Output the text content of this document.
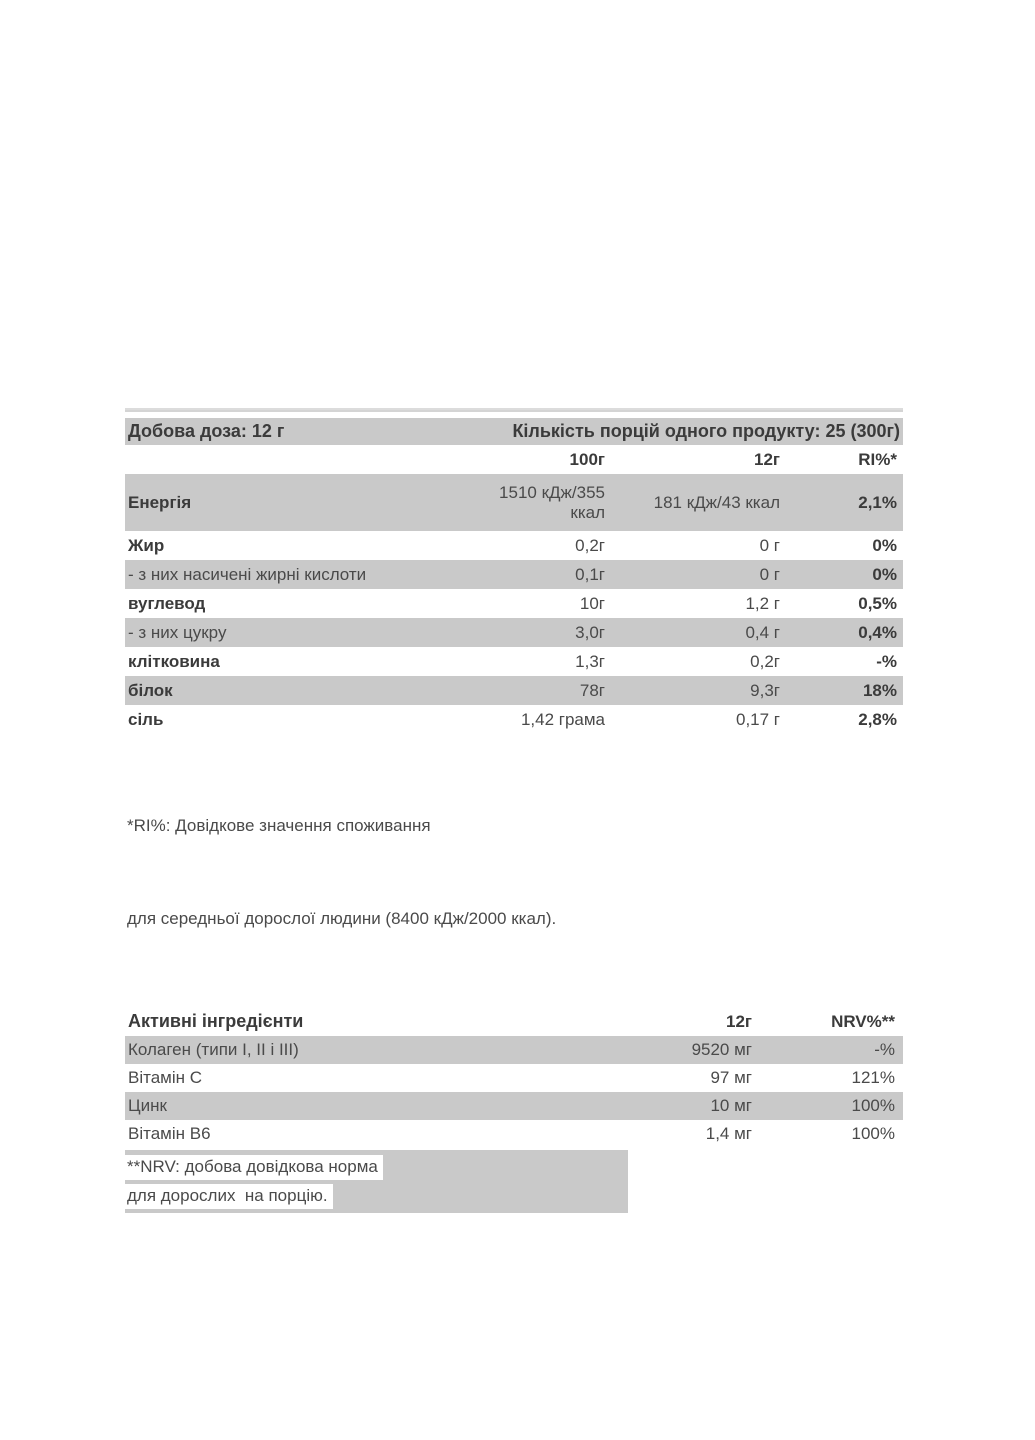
Добова доза: 12 г	Кількість порцій одного продукту: 25 (300г)		
	100г	12г	RI%*
Енергія	1510 кДж/355 ккал	181 кДж/43 ккал	2,1%
Жир	0,2г	0 г	0%
- з них насичені жирні кислоти	0,1г	0 г	0%
вуглевод	10г	1,2 г	0,5%
- з них цукру	3,0г	0,4 г	0,4%
клітковина	1,3г	0,2г	-%
білок	78г	9,3г	18%
сіль	1,42 грама	0,17 г	2,8%

*RI%: Довідкове значення споживання

для середньої дорослої людини (8400 кДж/2000 ккал).

Активні інгредієнти	12г	NRV%**
Колаген (типи I, II і III)	9520 мг	-%
Вітамін C	97 мг	121%
Цинк	10 мг	100%
Вітамін B6	1,4 мг	100%
**NRV: добова довідкова норма
для дорослих  на порцію.
